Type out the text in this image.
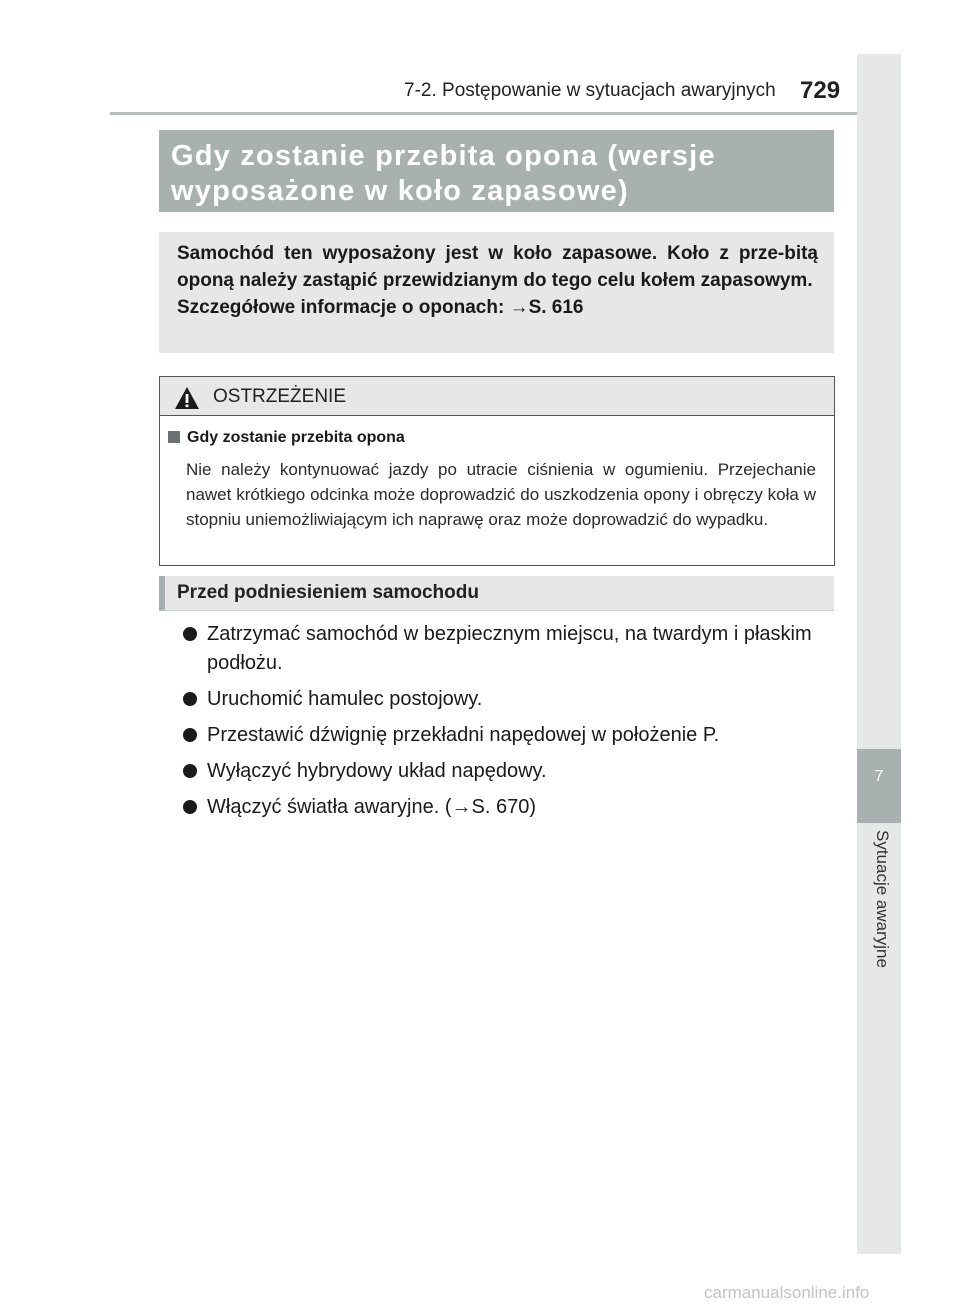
7-2. Postępowanie w sytuacjach awaryjnych 729
7
Sytuacje awaryjne
Gdy zostanie przebita opona (wersje
wyposażone w koło zapasowe)

Samochód ten wyposażony jest w koło zapasowe. Koło z prze-bitą oponą należy zastąpić przewidzianym do tego celu kołem zapasowym.

Szczegółowe informacje o oponach: →S. 616

OSTRZEŻENIE
Gdy zostanie przebita opona

Nie należy kontynuować jazdy po utracie ciśnienia w ogumieniu. Przejechanie nawet krótkiego odcinka może doprowadzić do uszkodzenia opony i obręczy koła w stopniu uniemożliwiającym ich naprawę oraz może doprowadzić do wypadku.

Przed podniesieniem samochodu
Zatrzymać samochód w bezpiecznym miejscu, na twardym i płaskim podłożu.
Uruchomić hamulec postojowy.
Przestawić dźwignię przekładni napędowej w położenie P.
Wyłączyć hybrydowy układ napędowy.
Włączyć światła awaryjne. (→S. 670)
carmanualsonline.info
